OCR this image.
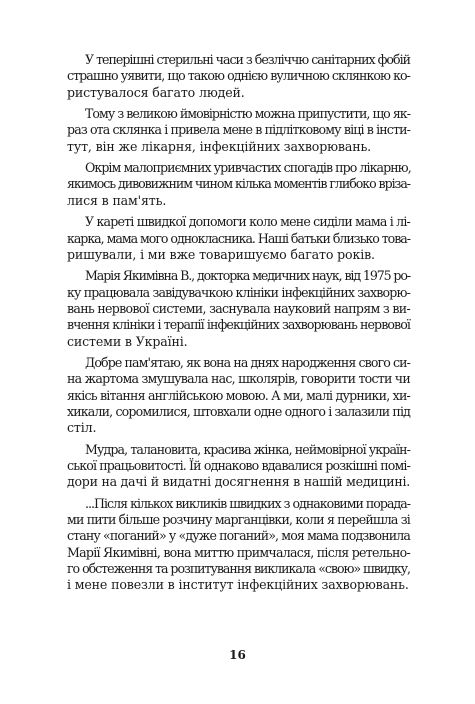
У теперішні стерильні часи з безліччю санітарних фобій
страшно уявити, що такою однією вуличною склянкою ко-
ристувалося багато людей.
Тому з великою ймовірністю можна припустити, що як-
раз ота склянка і привела мене в підлітковому віці в інсти-
тут, він же лікарня, інфекційних захворювань.
Окрім малоприємних уривчастих спогадів про лікарню,
якимось дивовижним чином кілька моментів глибоко вріза-
лися в пам'ять.
У кареті швидкої допомоги коло мене сиділи мама і лі-
карка, мама мого однокласника. Наші батьки близько това-
ришували, і ми вже товаришуємо багато років.
Марія Якимівна В., докторка медичних наук, від 1975 ро-
ку працювала завідувачкою клініки інфекційних захворю-
вань нервової системи, заснувала науковий напрям з ви-
вчення клініки і терапії інфекційних захворювань нервової
системи в Україні.
Добре пам'ятаю, як вона на днях народження свого си-
на жартома змушувала нас, школярів, говорити тости чи
якісь вітання англійською мовою. А ми, малі дурники, хи-
хикали, соромилися, штовхали одне одного і залазили під
стіл.
Мудра, талановита, красива жінка, неймовірної україн-
ської працьовитості. Їй однаково вдавалися розкішні помі-
дори на дачі й видатні досягнення в нашій медицині.
...Після кількох викликів швидких з однаковими порада-
ми пити більше розчину марганцівки, коли я перейшла зі
стану «поганий» у «дуже поганий», моя мама подзвонила
Марії Якимівні, вона миттю примчалася, після ретельно-
го обстеження та розпитування викликала «свою» швидку,
і мене повезли в інститут інфекційних захворювань.
16
